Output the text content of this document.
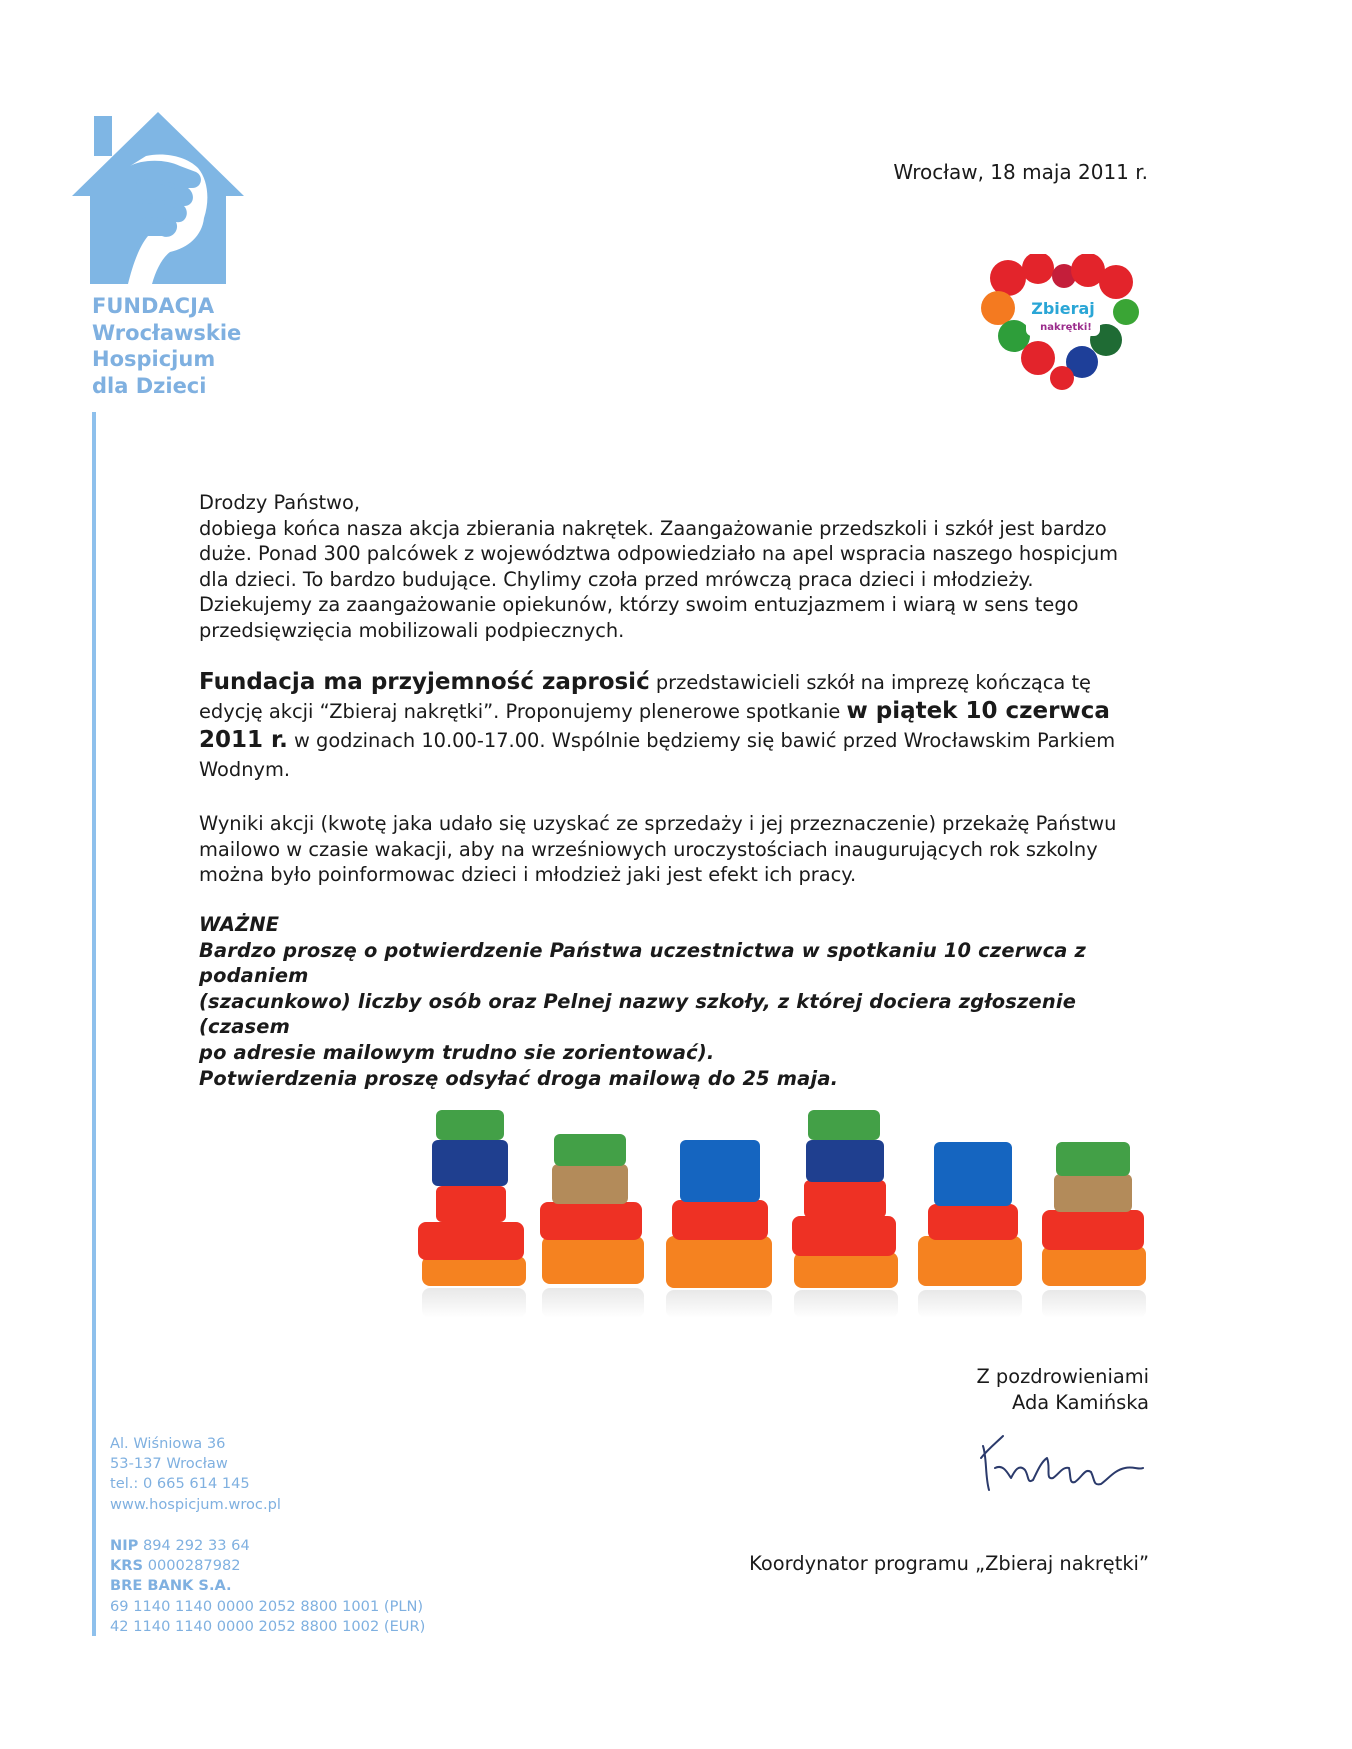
FUNDACJA
Wrocławskie
Hospicjum
dla Dzieci
Wrocław, 18 maja 2011 r.
Zbieraj
nakrętki!
Drodzy Państwo,
dobiega końca nasza akcja zbierania nakrętek. Zaangażowanie przedszkoli i szkół jest bardzo
duże. Ponad 300 palcówek z województwa odpowiedziało na apel wspracia naszego hospicjum
dla dzieci. To bardzo budujące. Chylimy czoła przed mrówczą praca dzieci i młodzieży.
Dziekujemy za zaangażowanie opiekunów, którzy swoim entuzjazmem i wiarą w sens tego
przedsięwzięcia mobilizowali podpiecznych.
Fundacja ma przyjemność zaprosić przedstawicieli szkół na imprezę kończąca tę
edycję akcji “Zbieraj nakrętki”. Proponujemy plenerowe spotkanie w piątek 10 czerwca
2011 r. w godzinach 10.00-17.00. Wspólnie będziemy się bawić przed Wrocławskim Parkiem
Wodnym.
Wyniki akcji (kwotę jaka udało się uzyskać ze sprzedaży i jej przeznaczenie) przekażę Państwu
mailowo w czasie wakacji, aby na wrześniowych uroczystościach inaugurujących rok szkolny
można było poinformowac dzieci i młodzież jaki jest efekt ich pracy.
WAŻNE
Bardzo proszę o potwierdzenie Państwa uczestnictwa w spotkaniu 10 czerwca z podaniem
(szacunkowo) liczby osób oraz Pelnej nazwy szkoły, z której dociera zgłoszenie (czasem
po adresie mailowym trudno sie zorientować).
Potwierdzenia proszę odsyłać droga mailową do 25 maja.
Z pozdrowieniami
Ada Kamińska
Koordynator programu „Zbieraj nakrętki”
Al. Wiśniowa 36
53-137 Wrocław
tel.: 0 665 614 145
www.hospicjum.wroc.pl
NIP 894 292 33 64
KRS 0000287982
BRE BANK S.A.
69 1140 1140 0000 2052 8800 1001 (PLN)
42 1140 1140 0000 2052 8800 1002 (EUR)
